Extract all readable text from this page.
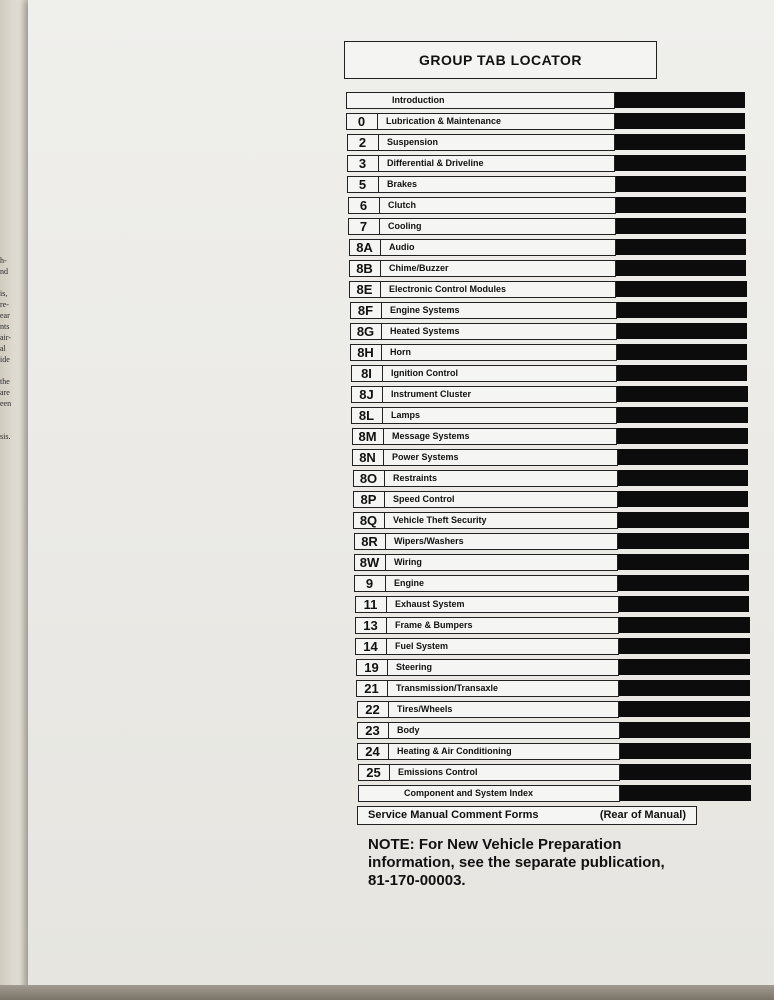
h-
nd
is,
re-
ear
nts
air-
al
ide
the
are
een
sis.
GROUP TAB LOCATOR
Introduction
0	Lubrication & Maintenance
2	Suspension
3	Differential & Driveline
5	Brakes
6	Clutch
7	Cooling
8A	Audio
8B	Chime/Buzzer
8E	Electronic Control Modules
8F	Engine Systems
8G	Heated Systems
8H	Horn
8I	Ignition Control
8J	Instrument Cluster
8L	Lamps
8M	Message Systems
8N	Power Systems
8O	Restraints
8P	Speed Control
8Q	Vehicle Theft Security
8R	Wipers/Washers
8W	Wiring
9	Engine
11	Exhaust System
13	Frame & Bumpers
14	Fuel System
19	Steering
21	Transmission/Transaxle
22	Tires/Wheels
23	Body
24	Heating & Air Conditioning
25	Emissions Control
Component and System Index
Service Manual Comment Forms	(Rear of Manual)
NOTE: For New Vehicle Preparation information, see the separate publication, 81-170-00003.
